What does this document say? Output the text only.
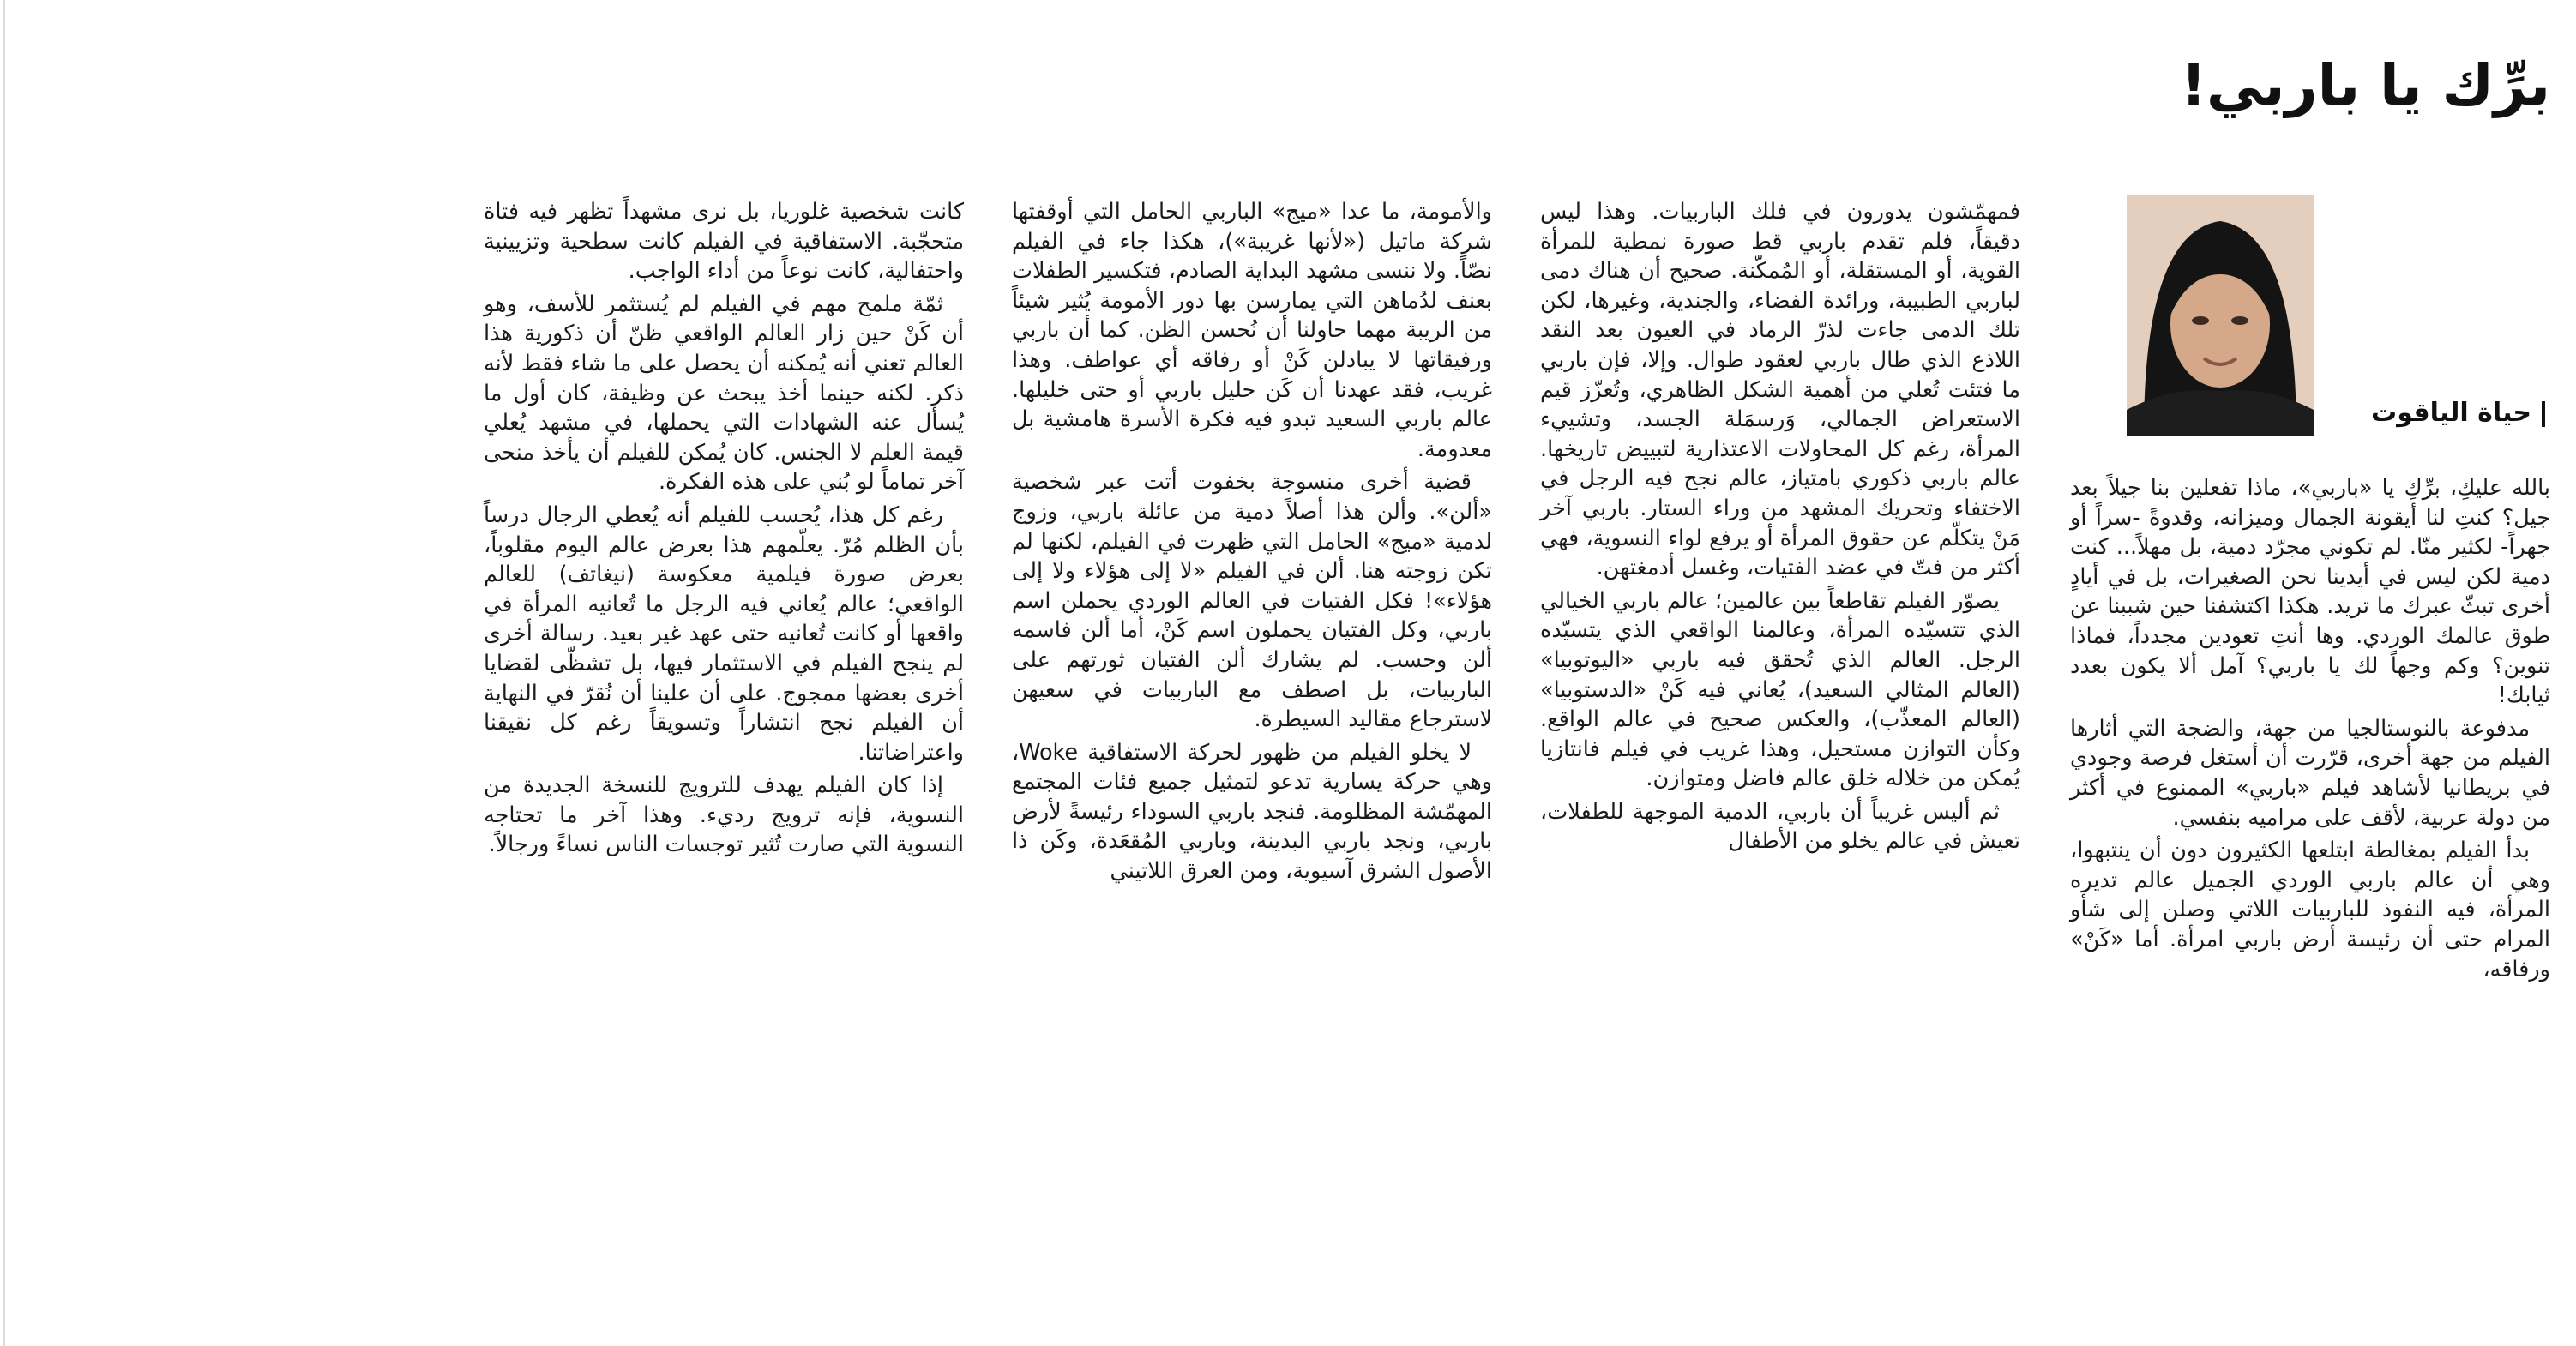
برِّك يا باربي!
حياة الياقوت

بالله عليكِ، برِّكِ يا «باربي»، ماذا تفعلين بنا جيلاً بعد جيل؟ كنتِ لنا أيقونة الجمال وميزانه، وقدوةً -سراً أو جهراً- لكثير منّا. لم تكوني مجرّد دمية، بل مهلاً... كنت دمية لكن ليس في أيدينا نحن الصغيرات، بل في أيادٍ أخرى تبثّ عبرك ما تريد. هكذا اكتشفنا حين شببنا عن طوق عالمك الوردي. وها أنتِ تعودين مجدداً، فماذا تنوين؟ وكم وجهاً لك يا باربي؟ آمل ألا يكون بعدد ثيابك!

مدفوعة بالنوستالجيا من جهة، والضجة التي أثارها الفيلم من جهة أخرى، قرّرت أن أستغل فرصة وجودي في بريطانيا لأشاهد فيلم «باربي» الممنوع في أكثر من دولة عربية، لأقف على مراميه بنفسي.

بدأ الفيلم بمغالطة ابتلعها الكثيرون دون أن ينتبهوا، وهي أن عالم باربي الوردي الجميل عالم تديره المرأة، فيه النفوذ للباربيات اللاتي وصلن إلى شأو المرام حتى أن رئيسة أرض باربي امرأة. أما «كَنْ» ورفاقه،

فمهمّشون يدورون في فلك الباربيات. وهذا ليس دقيقاً، فلم تقدم باربي قط صورة نمطية للمرأة القوية، أو المستقلة، أو المُمكّنة. صحيح أن هناك دمى لباربي الطبيبة، ورائدة الفضاء، والجندية، وغيرها، لكن تلك الدمى جاءت لذرّ الرماد في العيون بعد النقد اللاذع الذي طال باربي لعقود طوال. وإلا، فإن باربي ما فتئت تُعلي من أهمية الشكل الظاهري، وتُعزّز قيم الاستعراض الجمالي، وَرسمَلة الجسد، وتشييء المرأة، رغم كل المحاولات الاعتذارية لتبييض تاريخها. عالم باربي ذكوري بامتياز، عالم نجح فيه الرجل في الاختفاء وتحريك المشهد من وراء الستار. باربي آخر مَنْ يتكلّم عن حقوق المرأة أو يرفع لواء النسوية، فهي أكثر من فتّ في عضد الفتيات، وغسل أدمغتهن.

يصوّر الفيلم تقاطعاً بين عالمين؛ عالم باربي الخيالي الذي تتسيّده المرأة، وعالمنا الواقعي الذي يتسيّده الرجل. العالم الذي تُحقق فيه باربي «اليوتوبيا» (العالم المثالي السعيد)، يُعاني فيه كَنْ «الدستوبيا» (العالم المعذّب)، والعكس صحيح في عالم الواقع. وكأن التوازن مستحيل، وهذا غريب في فيلم فانتازيا يُمكن من خلاله خلق عالم فاضل ومتوازن.

ثم أليس غريباً أن باربي، الدمية الموجهة للطفلات، تعيش في عالم يخلو من الأطفال

والأمومة، ما عدا «ميج» الباربي الحامل التي أوقفتها شركة ماتيل («لأنها غريبة»)، هكذا جاء في الفيلم نصّاً. ولا ننسى مشهد البداية الصادم، فتكسير الطفلات بعنف لدُماهن التي يمارسن بها دور الأمومة يُثير شيئاً من الريبة مهما حاولنا أن نُحسن الظن. كما أن باربي ورفيقاتها لا يبادلن كَنْ أو رفاقه أي عواطف. وهذا غريب، فقد عهدنا أن كَن حليل باربي أو حتى خليلها. عالم باربي السعيد تبدو فيه فكرة الأسرة هامشية بل معدومة.

قضية أخرى منسوجة بخفوت أتت عبر شخصية «ألن». وألن هذا أصلاً دمية من عائلة باربي، وزوج لدمية «ميج» الحامل التي ظهرت في الفيلم، لكنها لم تكن زوجته هنا. ألن في الفيلم «لا إلى هؤلاء ولا إلى هؤلاء»! فكل الفتيات في العالم الوردي يحملن اسم باربي، وكل الفتيان يحملون اسم كَنْ، أما ألن فاسمه ألن وحسب. لم يشارك ألن الفتيان ثورتهم على الباربيات، بل اصطف مع الباربيات في سعيهن لاسترجاع مقاليد السيطرة.

لا يخلو الفيلم من ظهور لحركة الاستفاقية Woke، وهي حركة يسارية تدعو لتمثيل جميع فئات المجتمع المهمّشة المظلومة. فنجد باربي السوداء رئيسةً لأرض باربي، ونجد باربي البدينة، وباربي المُقعَدة، وكَن ذا الأصول الشرق آسيوية، ومن العرق اللاتيني

كانت شخصية غلوريا، بل نرى مشهداً تظهر فيه فتاة متحجّبة. الاستفاقية في الفيلم كانت سطحية وتزيينية واحتفالية، كانت نوعاً من أداء الواجب.

ثمّة ملمح مهم في الفيلم لم يُستثمر للأسف، وهو أن كَنْ حين زار العالم الواقعي ظنّ أن ذكورية هذا العالم تعني أنه يُمكنه أن يحصل على ما شاء فقط لأنه ذكر. لكنه حينما أخذ يبحث عن وظيفة، كان أول ما يُسأل عنه الشهادات التي يحملها، في مشهد يُعلي قيمة العلم لا الجنس. كان يُمكن للفيلم أن يأخذ منحى آخر تماماً لو بُني على هذه الفكرة.

رغم كل هذا، يُحسب للفيلم أنه يُعطي الرجال درساً بأن الظلم مُرّ. يعلّمهم هذا بعرض عالم اليوم مقلوباً، بعرض صورة فيلمية معكوسة (نيغاتف) للعالم الواقعي؛ عالم يُعاني فيه الرجل ما تُعانيه المرأة في واقعها أو كانت تُعانيه حتى عهد غير بعيد. رسالة أخرى لم ينجح الفيلم في الاستثمار فيها، بل تشظّى لقضايا أخرى بعضها ممجوج. على أن علينا أن نُقرّ في النهاية أن الفيلم نجح انتشاراً وتسويقاً رغم كل نقيقنا واعتراضاتنا.

إذا كان الفيلم يهدف للترويج للنسخة الجديدة من النسوية، فإنه ترويج رديء. وهذا آخر ما تحتاجه النسوية التي صارت تُثير توجسات الناس نساءً ورجالاً.
